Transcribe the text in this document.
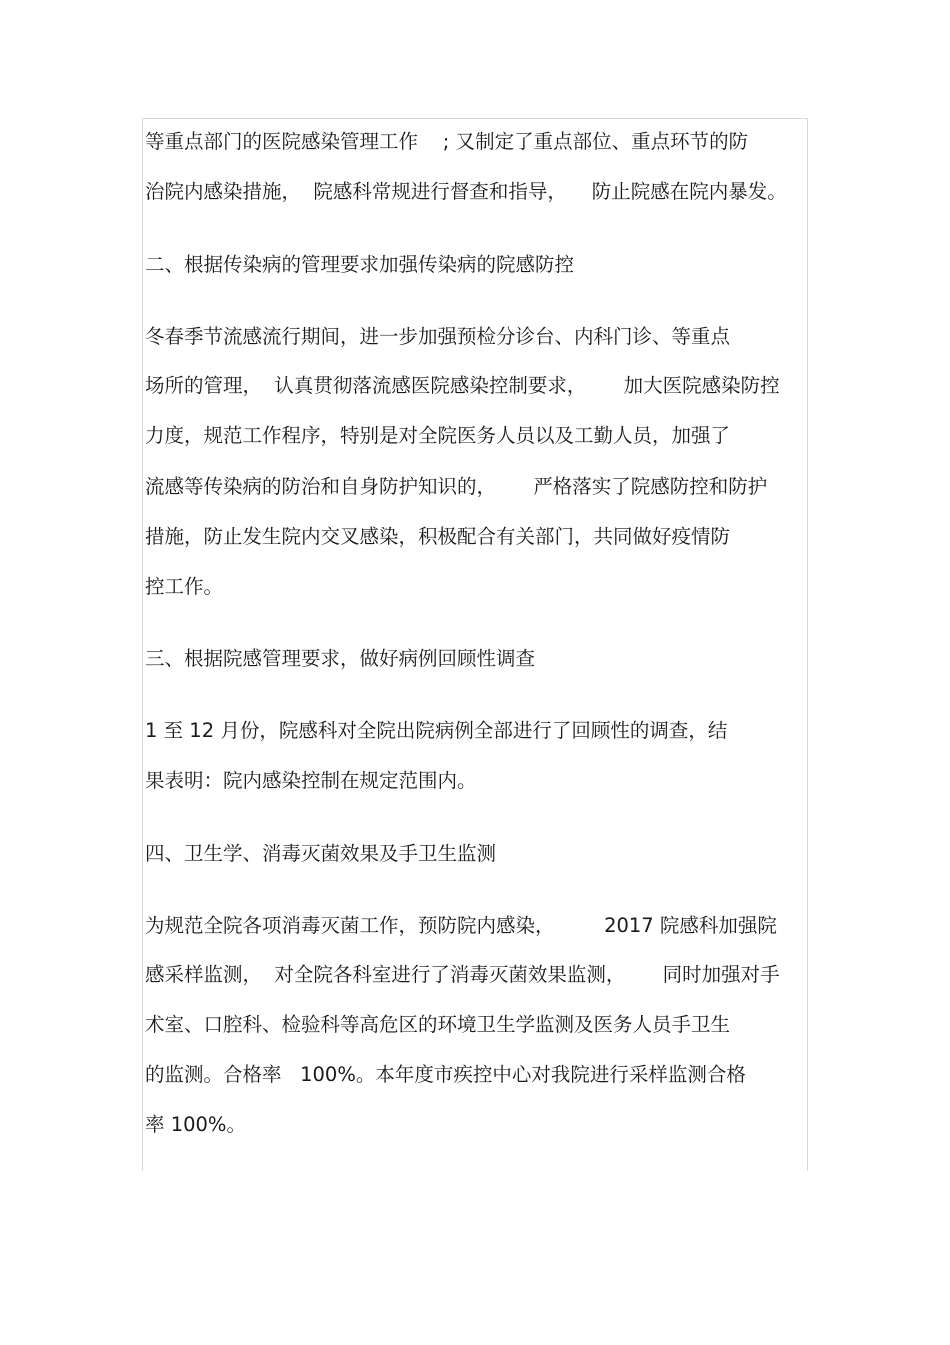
等重点部门的医院感染管理工作    ; 又制定了重点部位、重点环节的防
治院内感染措施，  院感科常规进行督查和指导，    防止院感在院内暴发。
二、根据传染病的管理要求加强传染病的院感防控
冬春季节流感流行期间，进一步加强预检分诊台、内科门诊、等重点
场所的管理，  认真贯彻落流感医院感染控制要求，      加大医院感染防控
力度，规范工作程序，特别是对全院医务人员以及工勤人员，加强了
流感等传染病的防治和自身防护知识的，      严格落实了院感防控和防护
措施，防止发生院内交叉感染，积极配合有关部门，共同做好疫情防
控工作。
三、根据院感管理要求，做好病例回顾性调查
1 至 12 月份，院感科对全院出院病例全部进行了回顾性的调查，结
果表明：院内感染控制在规定范围内。
四、卫生学、消毒灭菌效果及手卫生监测
为规范全院各项消毒灭菌工作，预防院内感染，        2017 院感科加强院
感采样监测，  对全院各科室进行了消毒灭菌效果监测，      同时加强对手
术室、口腔科、检验科等高危区的环境卫生学监测及医务人员手卫生
的监测。合格率   100%。本年度市疾控中心对我院进行采样监测合格
率 100%。
